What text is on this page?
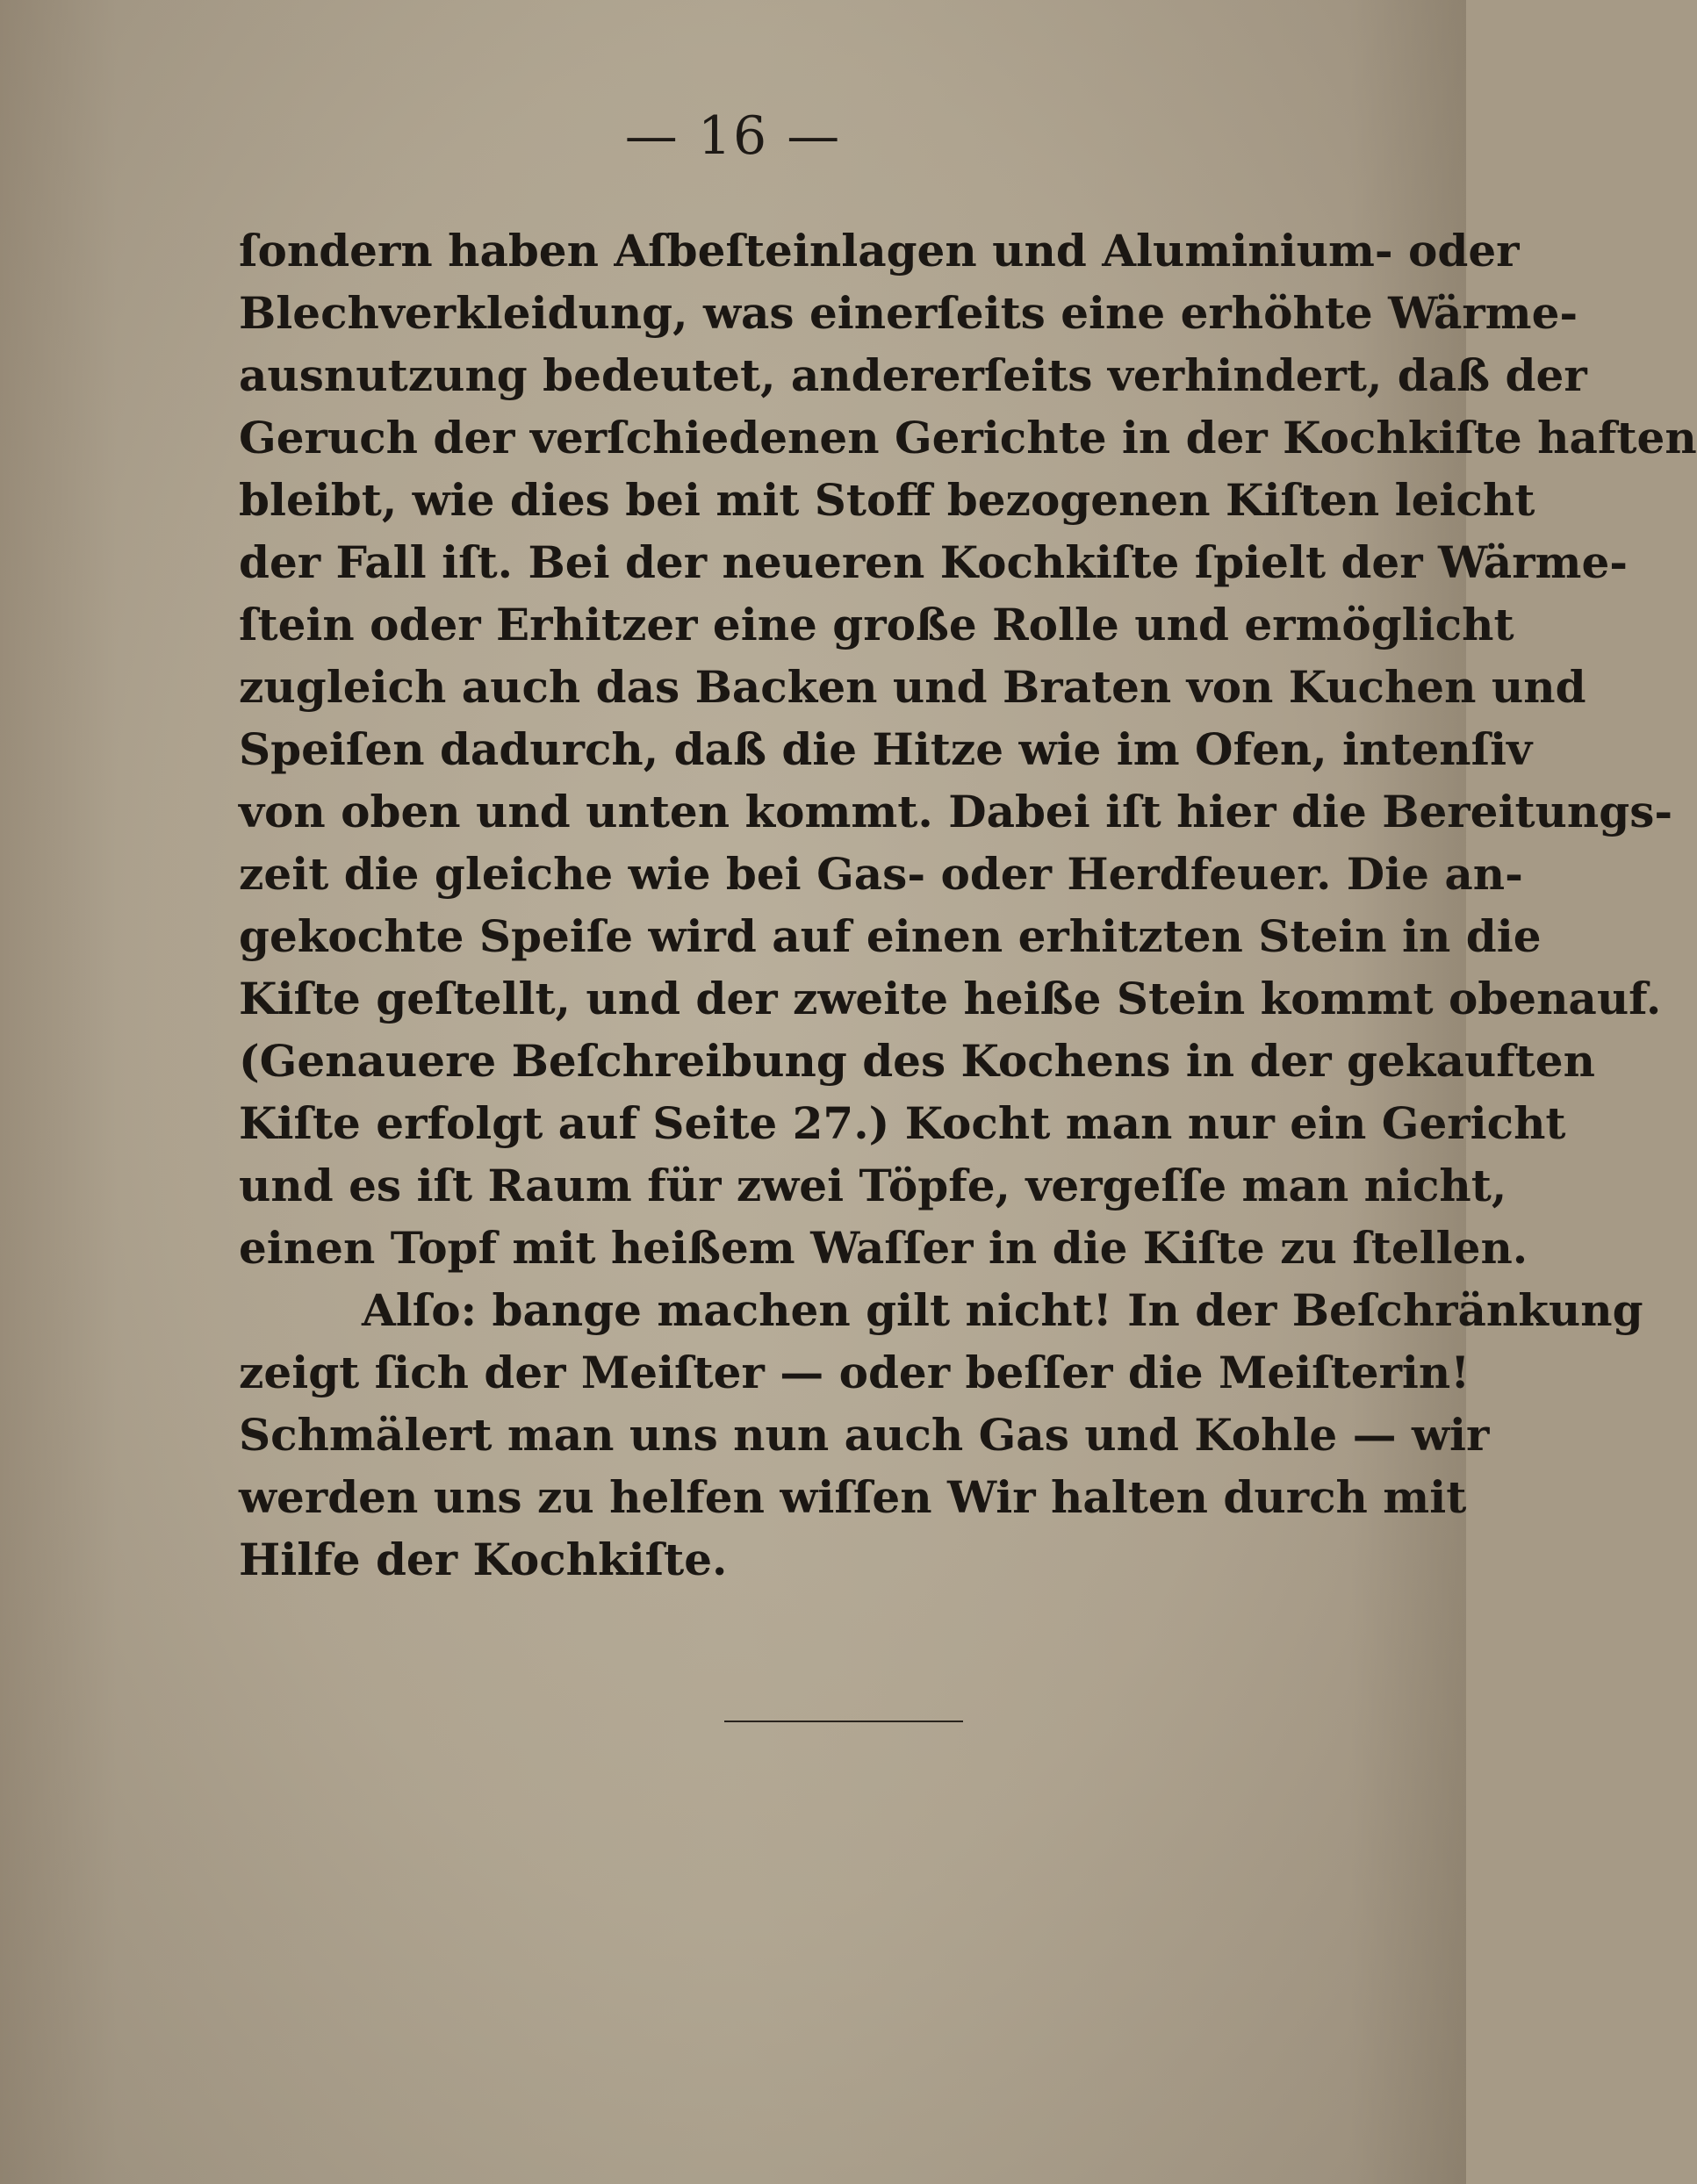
— 16 —
ſondern haben Aſbeſteinlagen und Aluminium- oder
Blechverkleidung, was einerſeits eine erhöhte Wärme-
ausnutzung bedeutet, andererſeits verhindert, daß der
Geruch der verſchiedenen Gerichte in der Kochkiſte haften
bleibt, wie dies bei mit Stoff bezogenen Kiſten leicht
der Fall iſt. Bei der neueren Kochkiſte ſpielt der Wärme-
ſtein oder Erhitzer eine große Rolle und ermöglicht
zugleich auch das Backen und Braten von Kuchen und
Speiſen dadurch, daß die Hitze wie im Ofen, intenſiv
von oben und unten kommt. Dabei iſt hier die Bereitungs-
zeit die gleiche wie bei Gas- oder Herdfeuer. Die an-
gekochte Speiſe wird auf einen erhitzten Stein in die
Kiſte geſtellt, und der zweite heiße Stein kommt obenauf.
(Genauere Beſchreibung des Kochens in der gekauften
Kiſte erfolgt auf Seite 27.) Kocht man nur ein Gericht
und es iſt Raum für zwei Töpfe, vergeſſe man nicht,
einen Topf mit heißem Waſſer in die Kiſte zu ſtellen.
Alſo: bange machen gilt nicht! In der Beſchränkung
zeigt ſich der Meiſter — oder beſſer die Meiſterin!
Schmälert man uns nun auch Gas und Kohle — wir
werden uns zu helfen wiſſen Wir halten durch mit
Hilfe der Kochkiſte.
